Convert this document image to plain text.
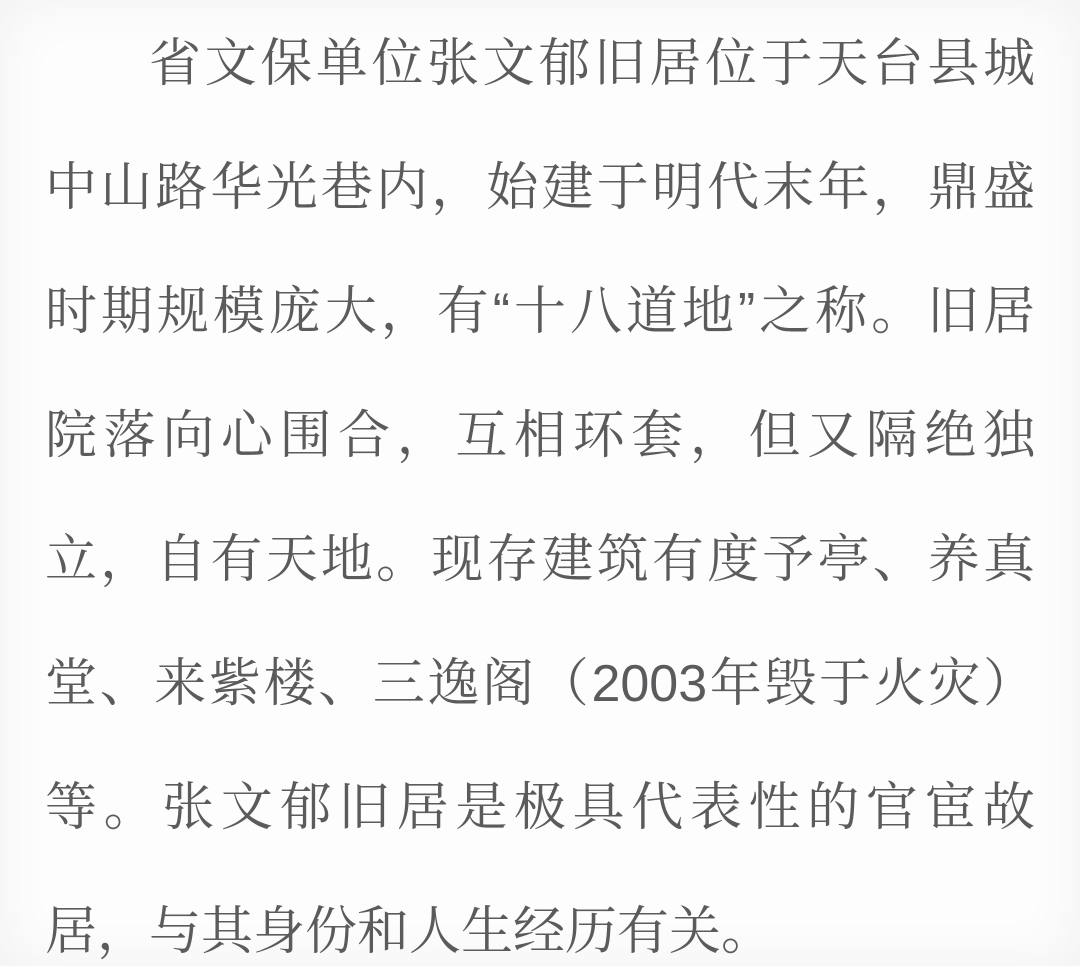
省文保单位张文郁旧居位于天台县城
中山路华光巷内，始建于明代末年，鼎盛
时期规模庞大，有“十八道地”之称。旧居
院落向心围合，互相环套，但又隔绝独
立，自有天地。现存建筑有度予亭、养真
堂、来紫楼、三逸阁（2003年毁于火灾）
等。张文郁旧居是极具代表性的官宦故
居，与其身份和人生经历有关。
